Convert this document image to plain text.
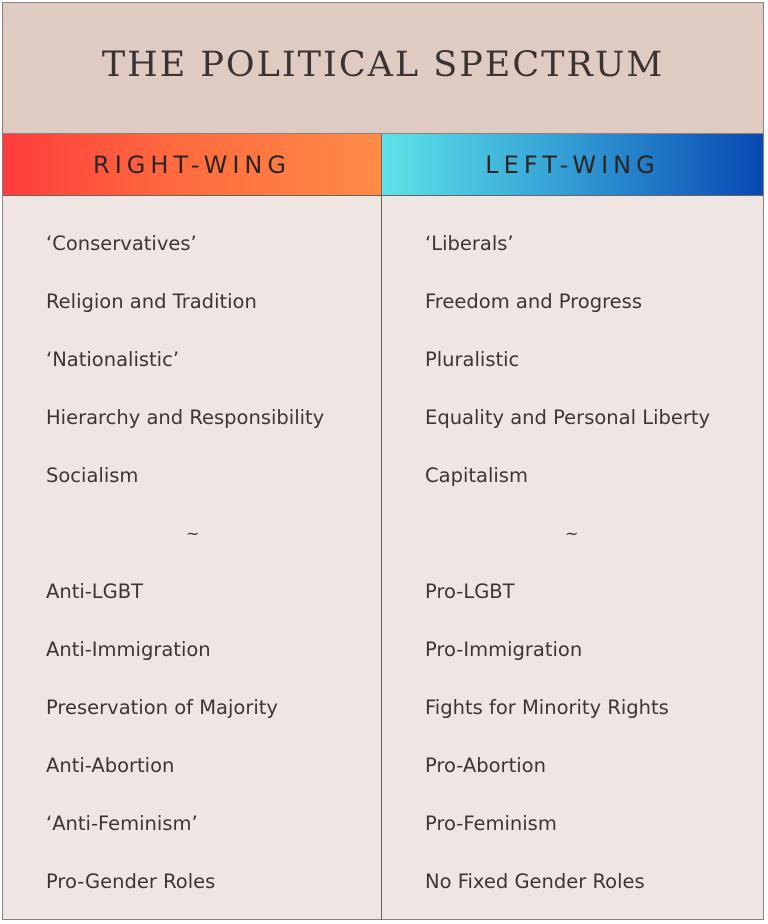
THE POLITICAL SPECTRUM
RIGHT-WING	LEFT-WING
‘Conservatives’
Religion and Tradition
‘Nationalistic’
Hierarchy and Responsibility
Socialism
~
Anti-LGBT
Anti-Immigration
Preservation of Majority
Anti-Abortion
‘Anti-Feminism’
Pro-Gender Roles
‘Liberals’
Freedom and Progress
Pluralistic
Equality and Personal Liberty
Capitalism
~
Pro-LGBT
Pro-Immigration
Fights for Minority Rights
Pro-Abortion
Pro-Feminism
No Fixed Gender Roles
